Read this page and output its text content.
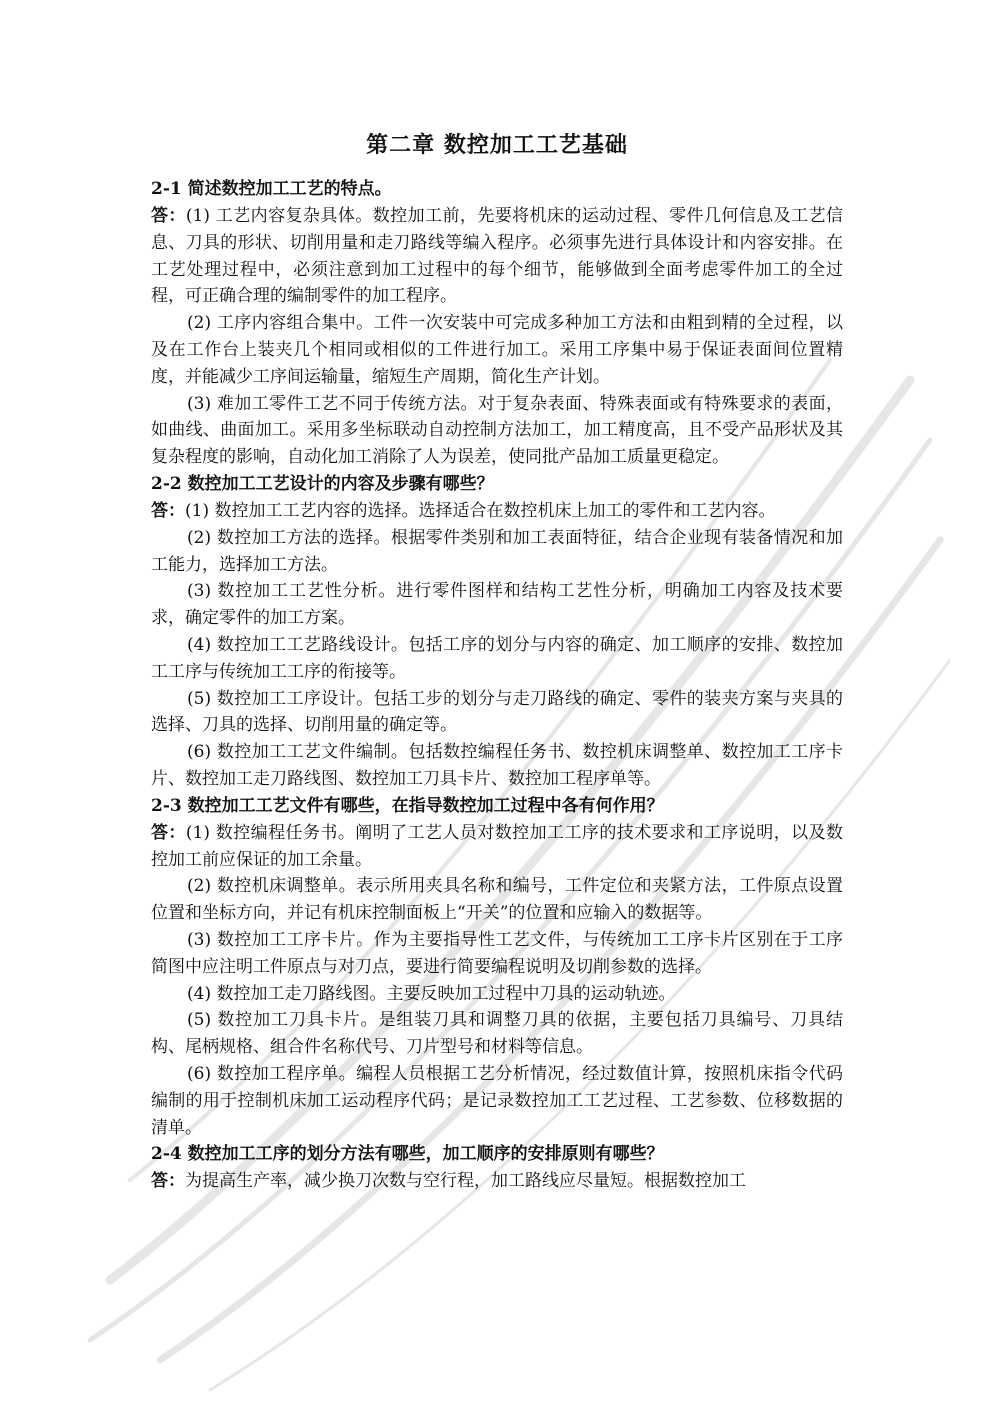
第二章 数控加工工艺基础

2-1 简述数控加工工艺的特点。

答：(1) 工艺内容复杂具体。数控加工前，先要将机床的运动过程、零件几何信息及工艺信息、刀具的形状、切削用量和走刀路线等编入程序。必须事先进行具体设计和内容安排。在工艺处理过程中，必须注意到加工过程中的每个细节，能够做到全面考虑零件加工的全过程，可正确合理的编制零件的加工程序。

(2) 工序内容组合集中。工件一次安装中可完成多种加工方法和由粗到精的全过程，以及在工作台上装夹几个相同或相似的工件进行加工。采用工序集中易于保证表面间位置精度，并能减少工序间运输量，缩短生产周期，简化生产计划。

(3) 难加工零件工艺不同于传统方法。对于复杂表面、特殊表面或有特殊要求的表面，如曲线、曲面加工。采用多坐标联动自动控制方法加工，加工精度高，且不受产品形状及其复杂程度的影响，自动化加工消除了人为误差，使同批产品加工质量更稳定。

2-2 数控加工工艺设计的内容及步骤有哪些？

答：(1) 数控加工工艺内容的选择。选择适合在数控机床上加工的零件和工艺内容。

(2) 数控加工方法的选择。根据零件类别和加工表面特征，结合企业现有装备情况和加工能力，选择加工方法。

(3) 数控加工工艺性分析。进行零件图样和结构工艺性分析，明确加工内容及技术要求，确定零件的加工方案。

(4) 数控加工工艺路线设计。包括工序的划分与内容的确定、加工顺序的安排、数控加工工序与传统加工工序的衔接等。

(5) 数控加工工序设计。包括工步的划分与走刀路线的确定、零件的装夹方案与夹具的选择、刀具的选择、切削用量的确定等。

(6) 数控加工工艺文件编制。包括数控编程任务书、数控机床调整单、数控加工工序卡片、数控加工走刀路线图、数控加工刀具卡片、数控加工程序单等。

2-3 数控加工工艺文件有哪些，在指导数控加工过程中各有何作用？

答：(1) 数控编程任务书。阐明了工艺人员对数控加工工序的技术要求和工序说明，以及数控加工前应保证的加工余量。

(2) 数控机床调整单。表示所用夹具名称和编号，工件定位和夹紧方法，工件原点设置位置和坐标方向，并记有机床控制面板上“开关”的位置和应输入的数据等。

(3) 数控加工工序卡片。作为主要指导性工艺文件，与传统加工工序卡片区别在于工序简图中应注明工件原点与对刀点，要进行简要编程说明及切削参数的选择。

(4) 数控加工走刀路线图。主要反映加工过程中刀具的运动轨迹。

(5) 数控加工刀具卡片。是组装刀具和调整刀具的依据，主要包括刀具编号、刀具结构、尾柄规格、组合件名称代号、刀片型号和材料等信息。

(6) 数控加工程序单。编程人员根据工艺分析情况，经过数值计算，按照机床指令代码编制的用于控制机床加工运动程序代码；是记录数控加工工艺过程、工艺参数、位移数据的清单。

2-4 数控加工工序的划分方法有哪些，加工顺序的安排原则有哪些？

答：为提高生产率，减少换刀次数与空行程，加工路线应尽量短。根据数控加工
